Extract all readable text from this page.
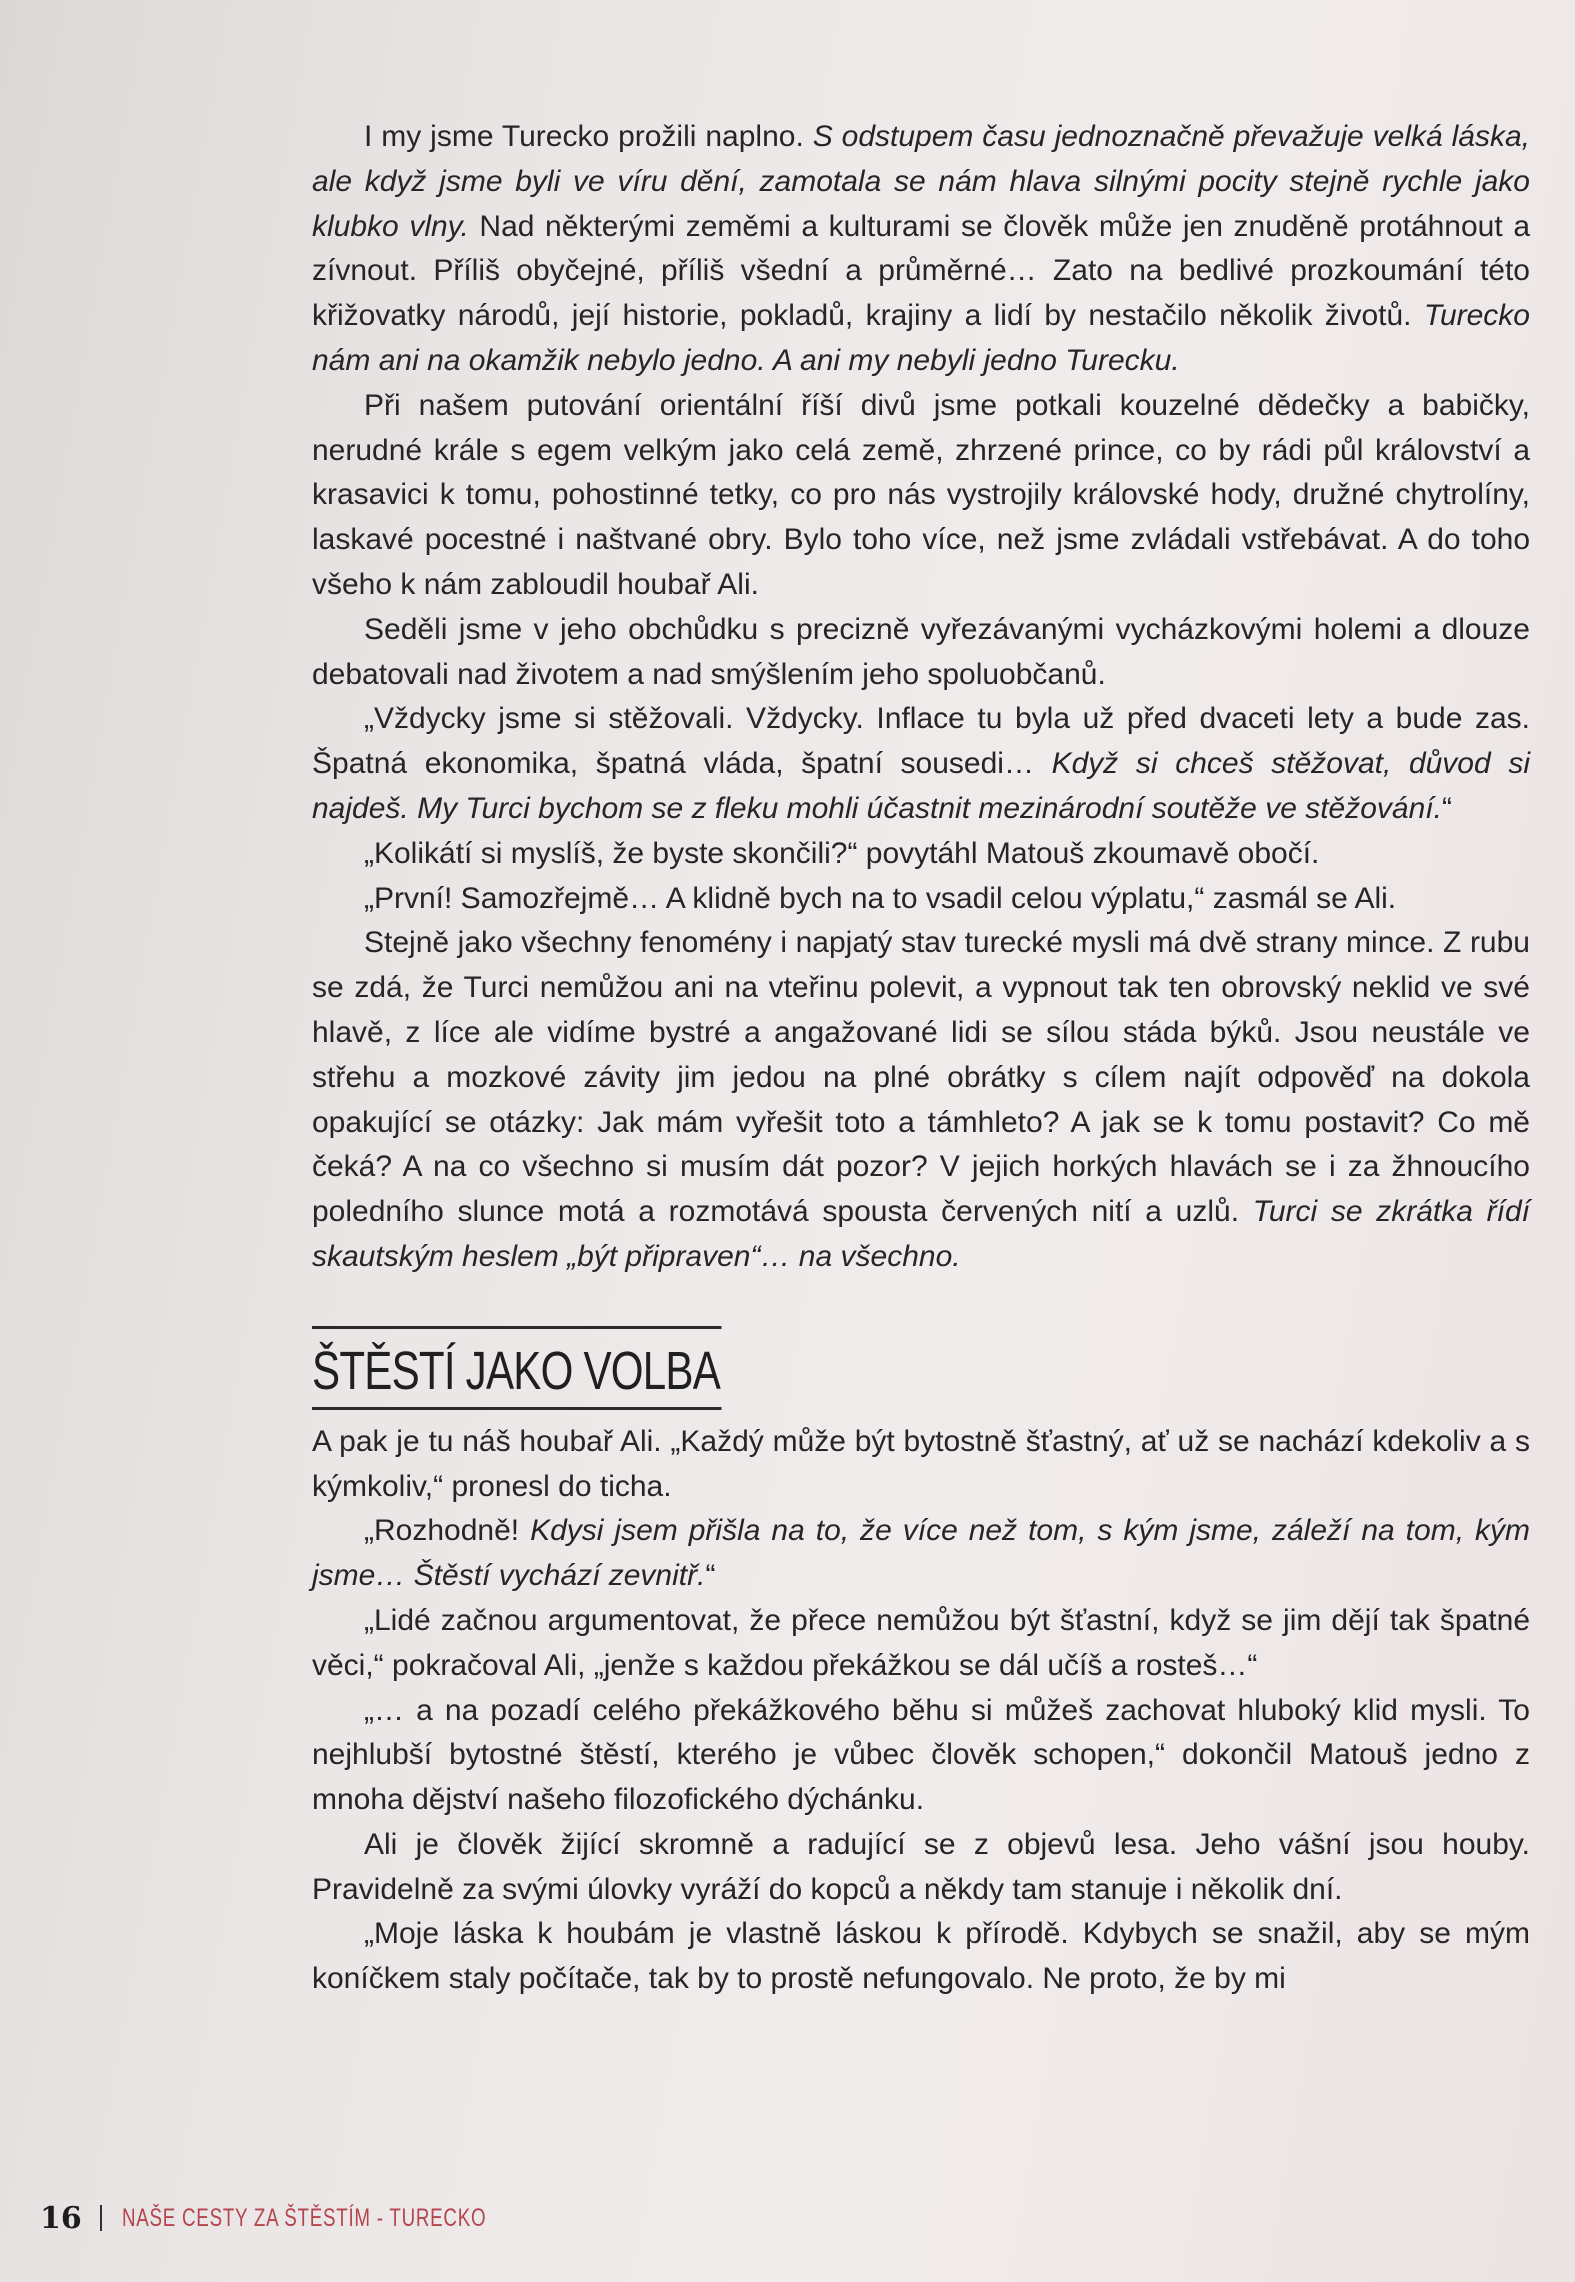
I my jsme Turecko prožili naplno. S odstupem času jednoznačně převažuje velká láska, ale když jsme byli ve víru dění, zamotala se nám hlava silnými pocity stejně rychle jako klubko vlny. Nad některými zeměmi a kulturami se člověk může jen znuděně protáhnout a zívnout. Příliš obyčejné, příliš všední a průměrné… Zato na bedlivé prozkoumání této křižovatky národů, její historie, pokladů, krajiny a lidí by nestačilo několik životů. Turecko nám ani na okamžik nebylo jedno. A ani my nebyli jedno Turecku.

Při našem putování orientální říší divů jsme potkali kouzelné dědečky a babičky, nerudné krále s egem velkým jako celá země, zhrzené prince, co by rádi půl království a krasavici k tomu, pohostinné tetky, co pro nás vystrojily královské hody, družné chytrolíny, laskavé pocestné i naštvané obry. Bylo toho více, než jsme zvládali vstřebávat. A do toho všeho k nám zabloudil houbař Ali.

Seděli jsme v jeho obchůdku s precizně vyřezávanými vycházkovými holemi a dlouze debatovali nad životem a nad smýšlením jeho spoluobčanů.

„Vždycky jsme si stěžovali. Vždycky. Inflace tu byla už před dvaceti lety a bude zas. Špatná ekonomika, špatná vláda, špatní sousedi… Když si chceš stěžovat, důvod si najdeš. My Turci bychom se z fleku mohli účastnit mezinárodní soutěže ve stěžování.“

„Kolikátí si myslíš, že byste skončili?“ povytáhl Matouš zkoumavě obočí.

„První! Samozřejmě… A klidně bych na to vsadil celou výplatu,“ zasmál se Ali.

Stejně jako všechny fenomény i napjatý stav turecké mysli má dvě strany mince. Z rubu se zdá, že Turci nemůžou ani na vteřinu polevit, a vypnout tak ten obrovský neklid ve své hlavě, z líce ale vidíme bystré a angažované lidi se sílou stáda býků. Jsou neustále ve střehu a mozkové závity jim jedou na plné obrátky s cílem najít odpověď na dokola opakující se otázky: Jak mám vyřešit toto a támhleto? A jak se k tomu postavit? Co mě čeká? A na co všechno si musím dát pozor? V jejich horkých hlavách se i za žhnoucího poledního slunce motá a rozmotává spousta červených nití a uzlů. Turci se zkrátka řídí skautským heslem „být připraven“… na všechno.

ŠTĚSTÍ JAKO VOLBA

A pak je tu náš houbař Ali. „Každý může být bytostně šťastný, ať už se nachází kdekoliv a s kýmkoliv,“ pronesl do ticha.

„Rozhodně! Kdysi jsem přišla na to, že více než tom, s kým jsme, záleží na tom, kým jsme… Štěstí vychází zevnitř.“

„Lidé začnou argumentovat, že přece nemůžou být šťastní, když se jim dějí tak špatné věci,“ pokračoval Ali, „jenže s každou překážkou se dál učíš a rosteš…“

„… a na pozadí celého překážkového běhu si můžeš zachovat hluboký klid mysli. To nejhlubší bytostné štěstí, kterého je vůbec člověk schopen,“ dokončil Matouš jedno z mnoha dějství našeho filozofického dýchánku.

Ali je člověk žijící skromně a radující se z objevů lesa. Jeho vášní jsou houby. Pravidelně za svými úlovky vyráží do kopců a někdy tam stanuje i několik dní.

„Moje láska k houbám je vlastně láskou k přírodě. Kdybych se snažil, aby se mým koníčkem staly počítače, tak by to prostě nefungovalo. Ne proto, že by mi

16 NAŠE CESTY ZA ŠTĚSTÍM - TURECKO
